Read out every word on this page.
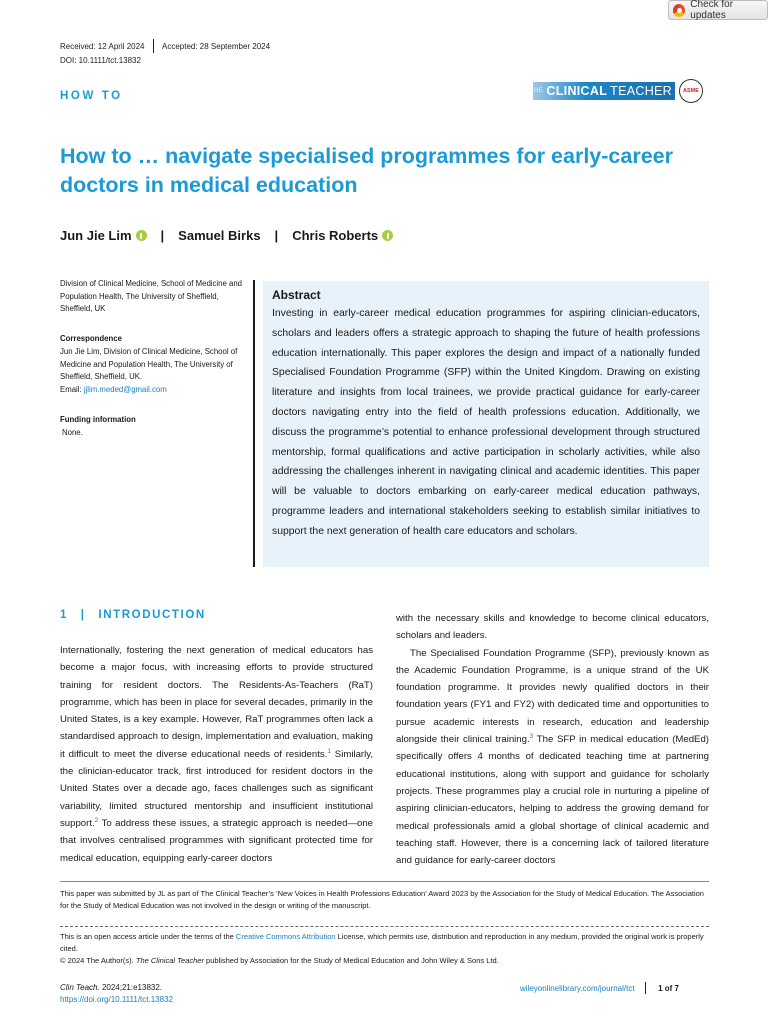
Check for updates
Received: 12 April 2024 Accepted: 28 September 2024
DOI: 10.1111/tct.13832
HOW TO	THE CLINICAL TEACHER	ASME
How to … navigate specialised programmes for early-career doctors in medical education
Jun Jie Lim | Samuel Birks | Chris Roberts
Division of Clinical Medicine, School of Medicine and Population Health, The University of Sheffield, Sheffield, UK
Correspondence
Jun Jie Lim, Division of Clinical Medicine, School of Medicine and Population Health, The University of Sheffield, Sheffield, UK.
Email: jjlim.meded@gmail.com
Funding information
None.
Abstract

Investing in early-career medical education programmes for aspiring clinician-educators, scholars and leaders offers a strategic approach to shaping the future of health professions education internationally. This paper explores the design and impact of a nationally funded Specialised Foundation Programme (SFP) within the United Kingdom. Drawing on existing literature and insights from local trainees, we provide practical guidance for early-career doctors navigating entry into the field of health professions education. Additionally, we discuss the programme’s potential to enhance professional development through structured mentorship, formal qualifications and active participation in scholarly activities, while also addressing the challenges inherent in navigating clinical and academic identities. This paper will be valuable to doctors embarking on early-career medical education pathways, programme leaders and international stakeholders seeking to establish similar initiatives to support the next generation of health care educators and scholars.

1 | INTRODUCTION

Internationally, fostering the next generation of medical educators has become a major focus, with increasing efforts to provide structured training for resident doctors. The Residents-As-Teachers (RaT) programme, which has been in place for several decades, primarily in the United States, is a key example. However, RaT programmes often lack a standardised approach to design, implementation and evaluation, making it difficult to meet the diverse educational needs of residents.$^1$ Similarly, the clinician-educator track, first introduced for resident doctors in the United States over a decade ago, faces challenges such as significant variability, limited structured mentorship and insufficient institutional support.$^2$ To address these issues, a strategic approach is needed—one that involves centralised programmes with significant protected time for medical education, equipping early-career doctors

with the necessary skills and knowledge to become clinical educators, scholars and leaders.

The Specialised Foundation Programme (SFP), previously known as the Academic Foundation Programme, is a unique strand of the UK foundation programme. It provides newly qualified doctors in their foundation years (FY1 and FY2) with dedicated time and opportunities to pursue academic interests in research, education and leadership alongside their clinical training.$^3$ The SFP in medical education (MedEd) specifically offers 4 months of dedicated teaching time at partnering educational institutions, along with support and guidance for scholarly projects. These programmes play a crucial role in nurturing a pipeline of aspiring clinician-educators, helping to address the growing demand for medical professionals amid a global shortage of clinical academic and teaching staff. However, there is a concerning lack of tailored literature and guidance for early-career doctors

This paper was submitted by JL as part of The Clinical Teacher’s ‘New Voices in Health Professions Education’ Award 2023 by the Association for the Study of Medical Education. The Association for the Study of Medical Education was not involved in the design or writing of the manuscript.
This is an open access article under the terms of the Creative Commons Attribution License, which permits use, distribution and reproduction in any medium, provided the original work is properly cited.
© 2024 The Author(s). The Clinical Teacher published by Association for the Study of Medical Education and John Wiley & Sons Ltd.
Clin Teach. 2024;21:e13832.
https://doi.org/10.1111/tct.13832
wileyonlinelibrary.com/journal/tct	1 of 7
